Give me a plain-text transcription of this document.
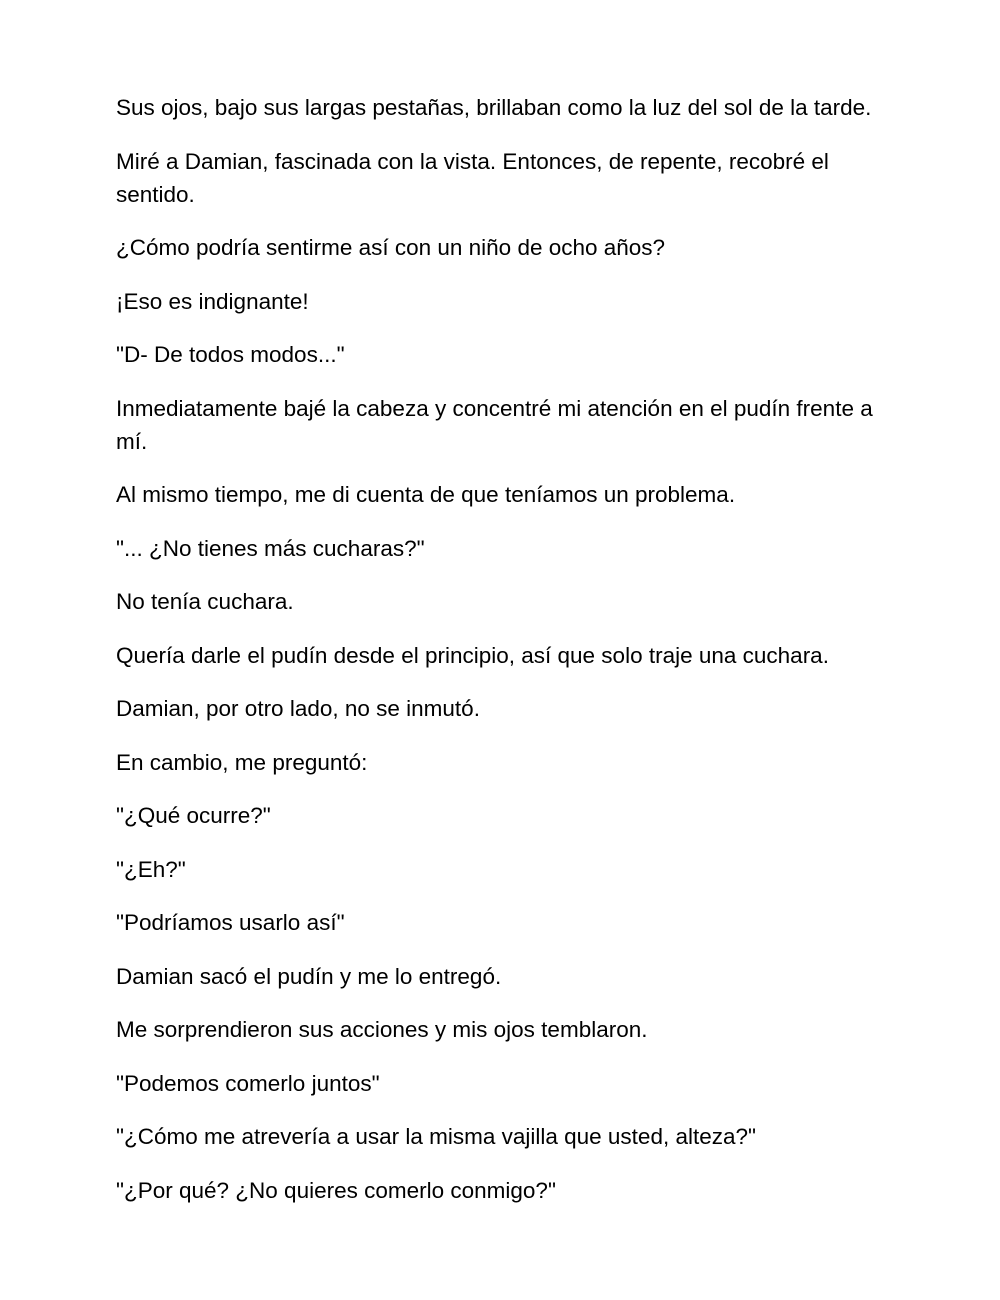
Sus ojos, bajo sus largas pestañas, brillaban como la luz del sol de la tarde.

Miré a Damian, fascinada con la vista. Entonces, de repente, recobré el sentido.

¿Cómo podría sentirme así con un niño de ocho años?

¡Eso es indignante!

"D- De todos modos..."

Inmediatamente bajé la cabeza y concentré mi atención en el pudín frente a mí.

Al mismo tiempo, me di cuenta de que teníamos un problema.

"... ¿No tienes más cucharas?"

No tenía cuchara.

Quería darle el pudín desde el principio, así que solo traje una cuchara.

Damian, por otro lado, no se inmutó.

En cambio, me preguntó:

"¿Qué ocurre?"

"¿Eh?"

"Podríamos usarlo así"

Damian sacó el pudín y me lo entregó.

Me sorprendieron sus acciones y mis ojos temblaron.

"Podemos comerlo juntos"

"¿Cómo me atrevería a usar la misma vajilla que usted, alteza?"

"¿Por qué? ¿No quieres comerlo conmigo?"
